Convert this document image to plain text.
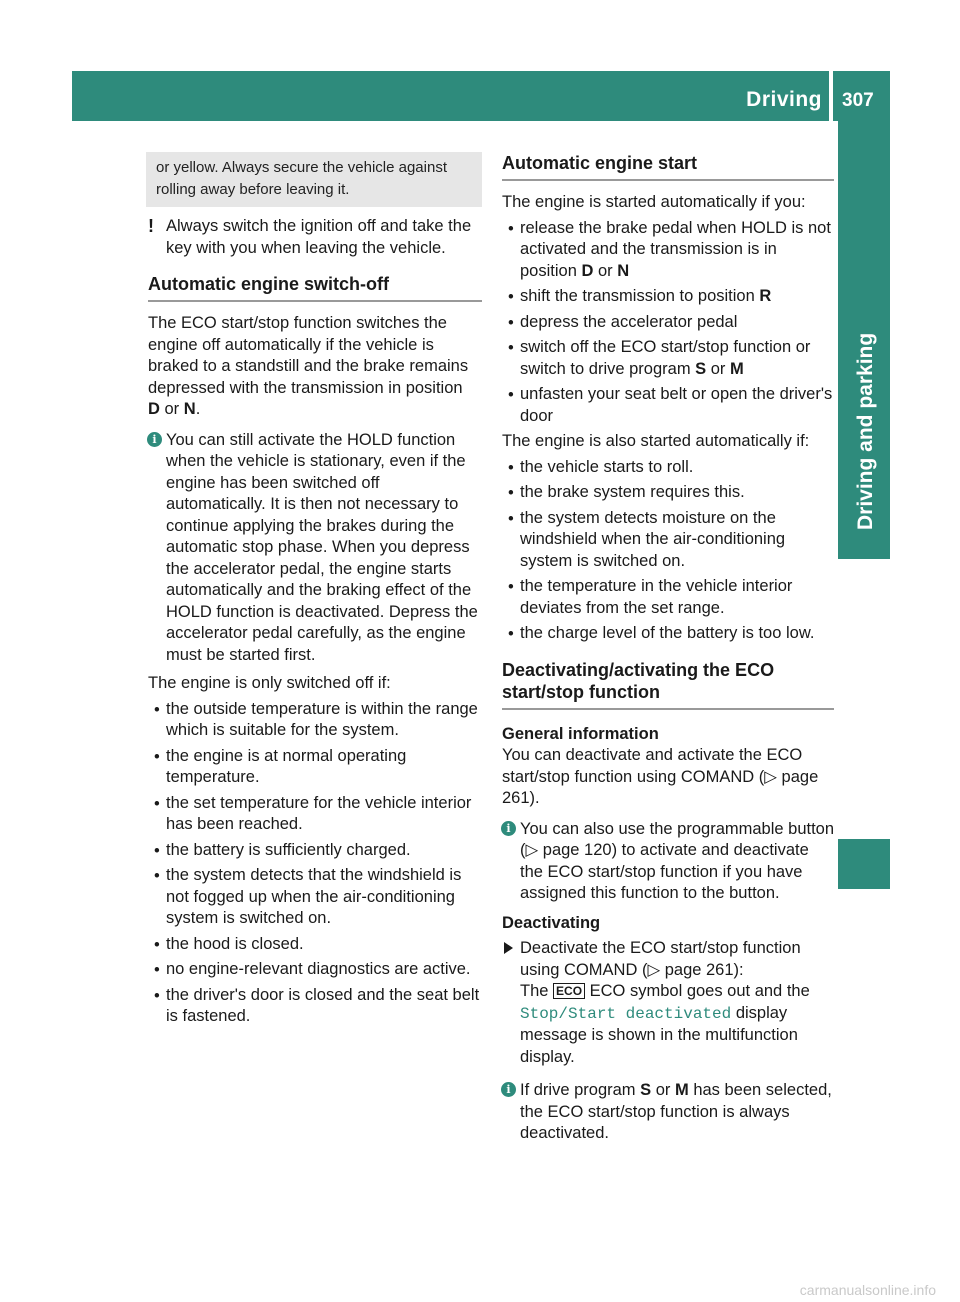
Driving 307
Driving and parking
or yellow. Always secure the vehicle against rolling away before leaving it.
! Always switch the ignition off and take the key with you when leaving the vehicle.
Automatic engine switch-off

The ECO start/stop function switches the engine off automatically if the vehicle is braked to a standstill and the brake remains depressed with the transmission in position
D or N.

i You can still activate the HOLD function when the vehicle is stationary, even if the engine has been switched off automatically. It is then not necessary to continue applying the brakes during the automatic stop phase. When you depress the accelerator pedal, the engine starts automatically and the braking effect of the HOLD function is deactivated. Depress the accelerator pedal carefully, as the engine must be started first.

The engine is only switched off if:

• the outside temperature is within the range which is suitable for the system.
• the engine is at normal operating temperature.
• the set temperature for the vehicle interior has been reached.
• the battery is sufficiently charged.
• the system detects that the windshield is not fogged up when the air-conditioning system is switched on.
• the hood is closed.
• no engine-relevant diagnostics are active.
• the driver's door is closed and the seat belt is fastened.
Automatic engine start

The engine is started automatically if you:

• release the brake pedal when HOLD is not activated and the transmission is in position D or N
• shift the transmission to position R
• depress the accelerator pedal
• switch off the ECO start/stop function or switch to drive program S or M
• unfasten your seat belt or open the driver's door

The engine is also started automatically if:

• the vehicle starts to roll.
• the brake system requires this.
• the system detects moisture on the windshield when the air-conditioning system is switched on.
• the temperature in the vehicle interior deviates from the set range.
• the charge level of the battery is too low.
Deactivating/activating the ECO start/stop function
General information

You can deactivate and activate the ECO start/stop function using COMAND (▷ page 261).

i You can also use the programmable button (▷ page 120) to activate and deactivate the ECO start/stop function if you have assigned this function to the button.
Deactivating
Deactivate the ECO start/stop function using COMAND (▷ page 261):
The ECO ECO symbol goes out and the
Stop/Start deactivated display message is shown in the multifunction display.
i If drive program S or M has been selected, the ECO start/stop function is always deactivated.
carmanualsonline.info
